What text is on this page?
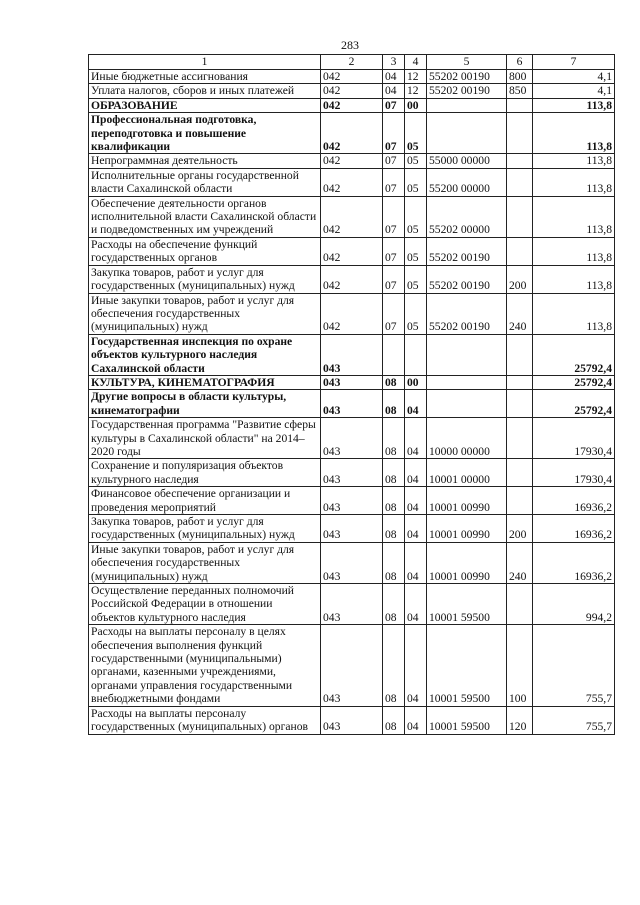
283
1	2	3	4	5	6	7
Иные бюджетные ассигнования	042	04	12	55202 00190	800	4,1
Уплата налогов, сборов и иных платежей	042	04	12	55202 00190	850	4,1
ОБРАЗОВАНИЕ	042	07	00			113,8
Профессиональная подготовка, переподготовка и повышение квалификации	042	07	05			113,8
Непрограммная деятельность	042	07	05	55000 00000		113,8
Исполнительные органы государственной власти Сахалинской области	042	07	05	55200 00000		113,8
Обеспечение деятельности органов исполнительной власти Сахалинской области и подведомственных им учреждений	042	07	05	55202 00000		113,8
Расходы на обеспечение функций государственных органов	042	07	05	55202 00190		113,8
Закупка товаров, работ и услуг для государственных (муниципальных) нужд	042	07	05	55202 00190	200	113,8
Иные закупки товаров, работ и услуг для обеспечения государственных (муниципальных) нужд	042	07	05	55202 00190	240	113,8
Государственная инспекция по охране объектов культурного наследия Сахалинской области	043					25792,4
КУЛЬТУРА, КИНЕМАТОГРАФИЯ	043	08	00			25792,4
Другие вопросы в области культуры, кинематографии	043	08	04			25792,4
Государственная программа "Развитие сферы культуры в Сахалинской области" на 2014–2020 годы	043	08	04	10000 00000		17930,4
Сохранение и популяризация объектов культурного наследия	043	08	04	10001 00000		17930,4
Финансовое обеспечение организации и проведения мероприятий	043	08	04	10001 00990		16936,2
Закупка товаров, работ и услуг для государственных (муниципальных) нужд	043	08	04	10001 00990	200	16936,2
Иные закупки товаров, работ и услуг для обеспечения государственных (муниципальных) нужд	043	08	04	10001 00990	240	16936,2
Осуществление переданных полномочий Российской Федерации в отношении объектов культурного наследия	043	08	04	10001 59500		994,2
Расходы на выплаты персоналу в целях обеспечения выполнения функций государственными (муниципальными) органами, казенными учреждениями, органами управления государственными внебюджетными фондами	043	08	04	10001 59500	100	755,7
Расходы на выплаты персоналу государственных (муниципальных) органов	043	08	04	10001 59500	120	755,7
